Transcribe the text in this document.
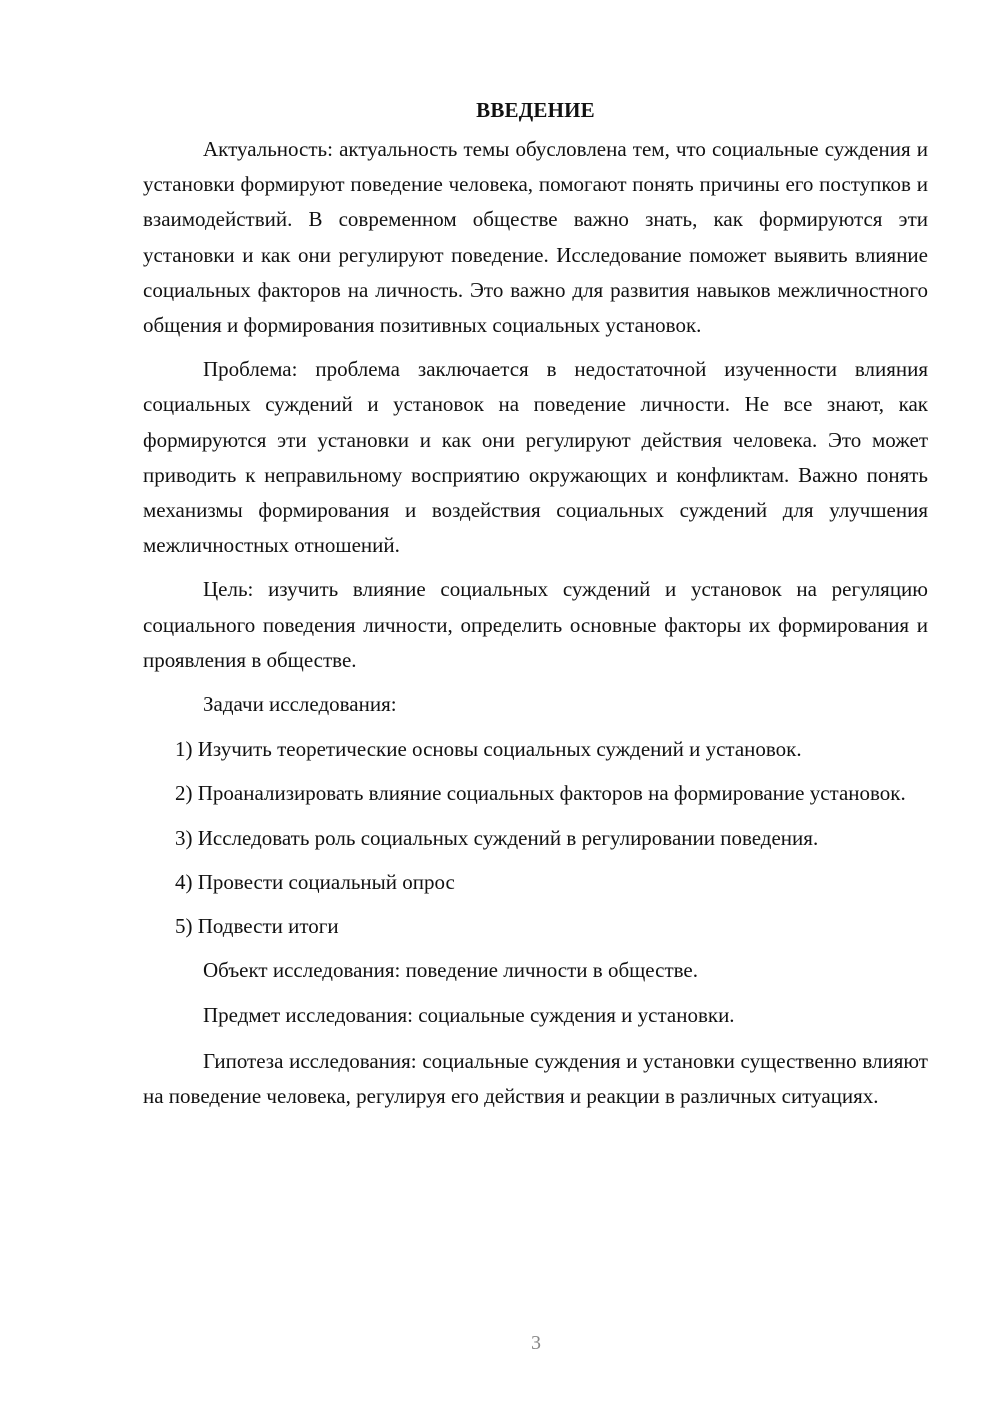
ВВЕДЕНИЕ

Актуальность: актуальность темы обусловлена тем, что социальные суждения и установки формируют поведение человека, помогают понять причины его поступков и взаимодействий. В современном обществе важно знать, как формируются эти установки и как они регулируют поведение. Исследование поможет выявить влияние социальных факторов на личность. Это важно для развития навыков межличностного общения и формирования позитивных социальных установок.

Проблема: проблема заключается в недостаточной изученности влияния социальных суждений и установок на поведение личности. Не все знают, как формируются эти установки и как они регулируют действия человека. Это может приводить к неправильному восприятию окружающих и конфликтам. Важно понять механизмы формирования и воздействия социальных суждений для улучшения межличностных отношений.

Цель: изучить влияние социальных суждений и установок на регуляцию социального поведения личности, определить основные факторы их формирования и проявления в обществе.

Задачи исследования:

1) Изучить теоретические основы социальных суждений и установок.

2) Проанализировать влияние социальных факторов на формирование установок.

3) Исследовать роль социальных суждений в регулировании поведения.

4) Провести социальный опрос

5) Подвести итоги

Объект исследования: поведение личности в обществе.

Предмет исследования: социальные суждения и установки.

Гипотеза исследования: социальные суждения и установки существенно влияют на поведение человека, регулируя его действия и реакции в различных ситуациях.

3
